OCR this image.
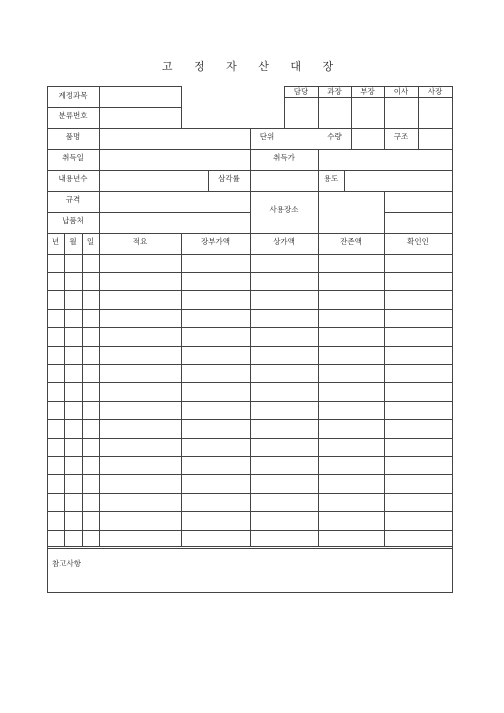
고 정 자 산 대 장
담당	과장	부장	이사	사장
계정과목
분류번호
품명	단위	수량	구조
취득일	취득가
내용년수	삼각률	용도
규격
사용장소
납품처
년	월	일	적요	장부가액	상가액	잔존액	확인인
참고사항
